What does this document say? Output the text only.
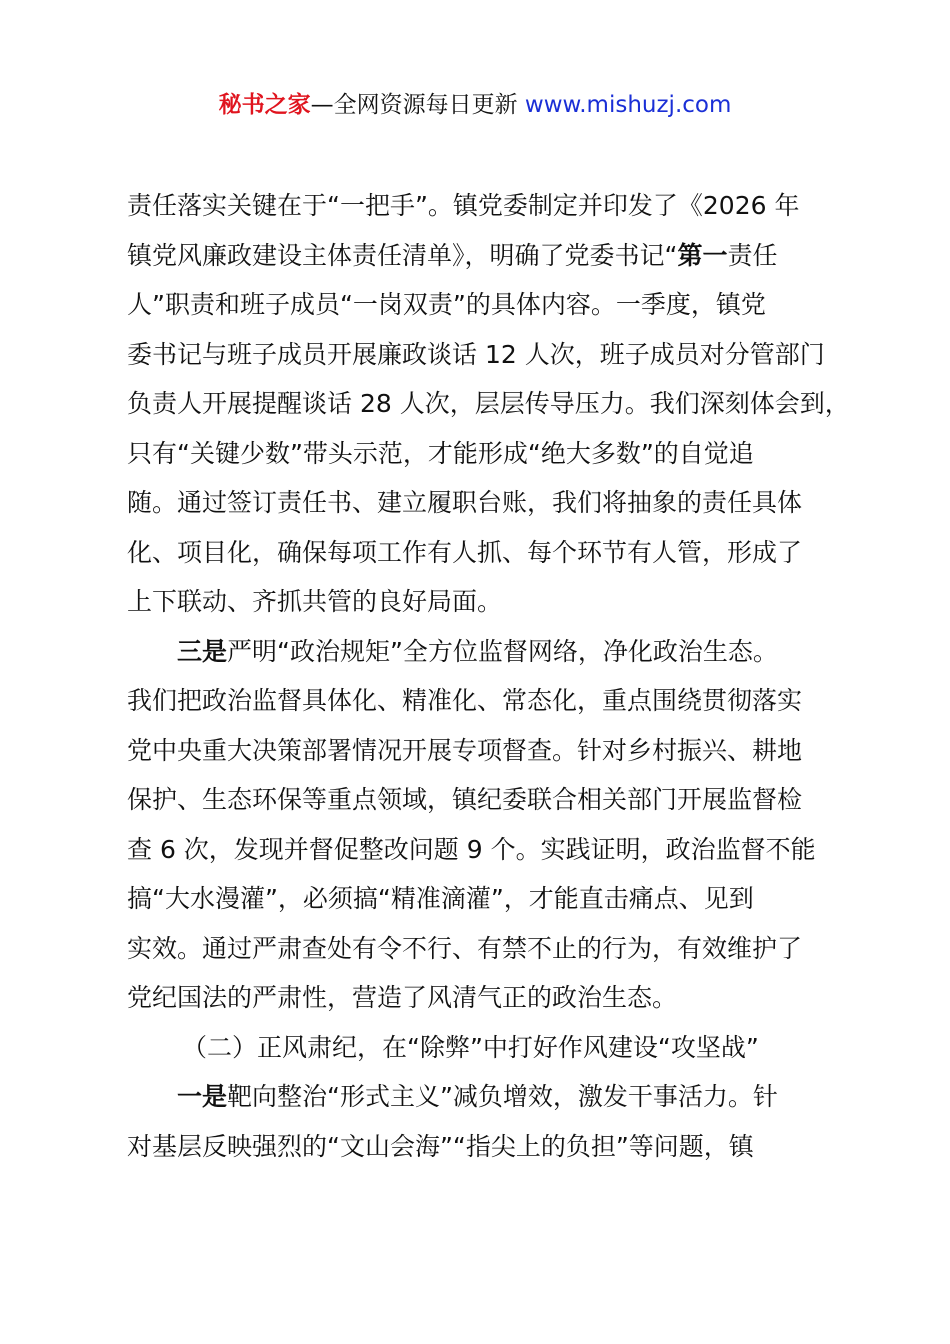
秘书之家—全网资源每日更新 www.mishuzj.com
责任落实关键在于“一把手”。镇党委制定并印发了《2026 年
镇党风廉政建设主体责任清单》，明确了党委书记“第一责任
人”职责和班子成员“一岗双责”的具体内容。一季度，镇党
委书记与班子成员开展廉政谈话 12 人次，班子成员对分管部门
负责人开展提醒谈话 28 人次，层层传导压力。我们深刻体会到，
只有“关键少数”带头示范，才能形成“绝大多数”的自觉追
随。通过签订责任书、建立履职台账，我们将抽象的责任具体
化、项目化，确保每项工作有人抓、每个环节有人管，形成了
上下联动、齐抓共管的良好局面。
三是严明“政治规矩”全方位监督网络，净化政治生态。
我们把政治监督具体化、精准化、常态化，重点围绕贯彻落实
党中央重大决策部署情况开展专项督查。针对乡村振兴、耕地
保护、生态环保等重点领域，镇纪委联合相关部门开展监督检
查 6 次，发现并督促整改问题 9 个。实践证明，政治监督不能
搞“大水漫灌”，必须搞“精准滴灌”，才能直击痛点、见到
实效。通过严肃查处有令不行、有禁不止的行为，有效维护了
党纪国法的严肃性，营造了风清气正的政治生态。
（二）正风肃纪，在“除弊”中打好作风建设“攻坚战”
一是靶向整治“形式主义”减负增效，激发干事活力。针
对基层反映强烈的“文山会海”“指尖上的负担”等问题，镇
